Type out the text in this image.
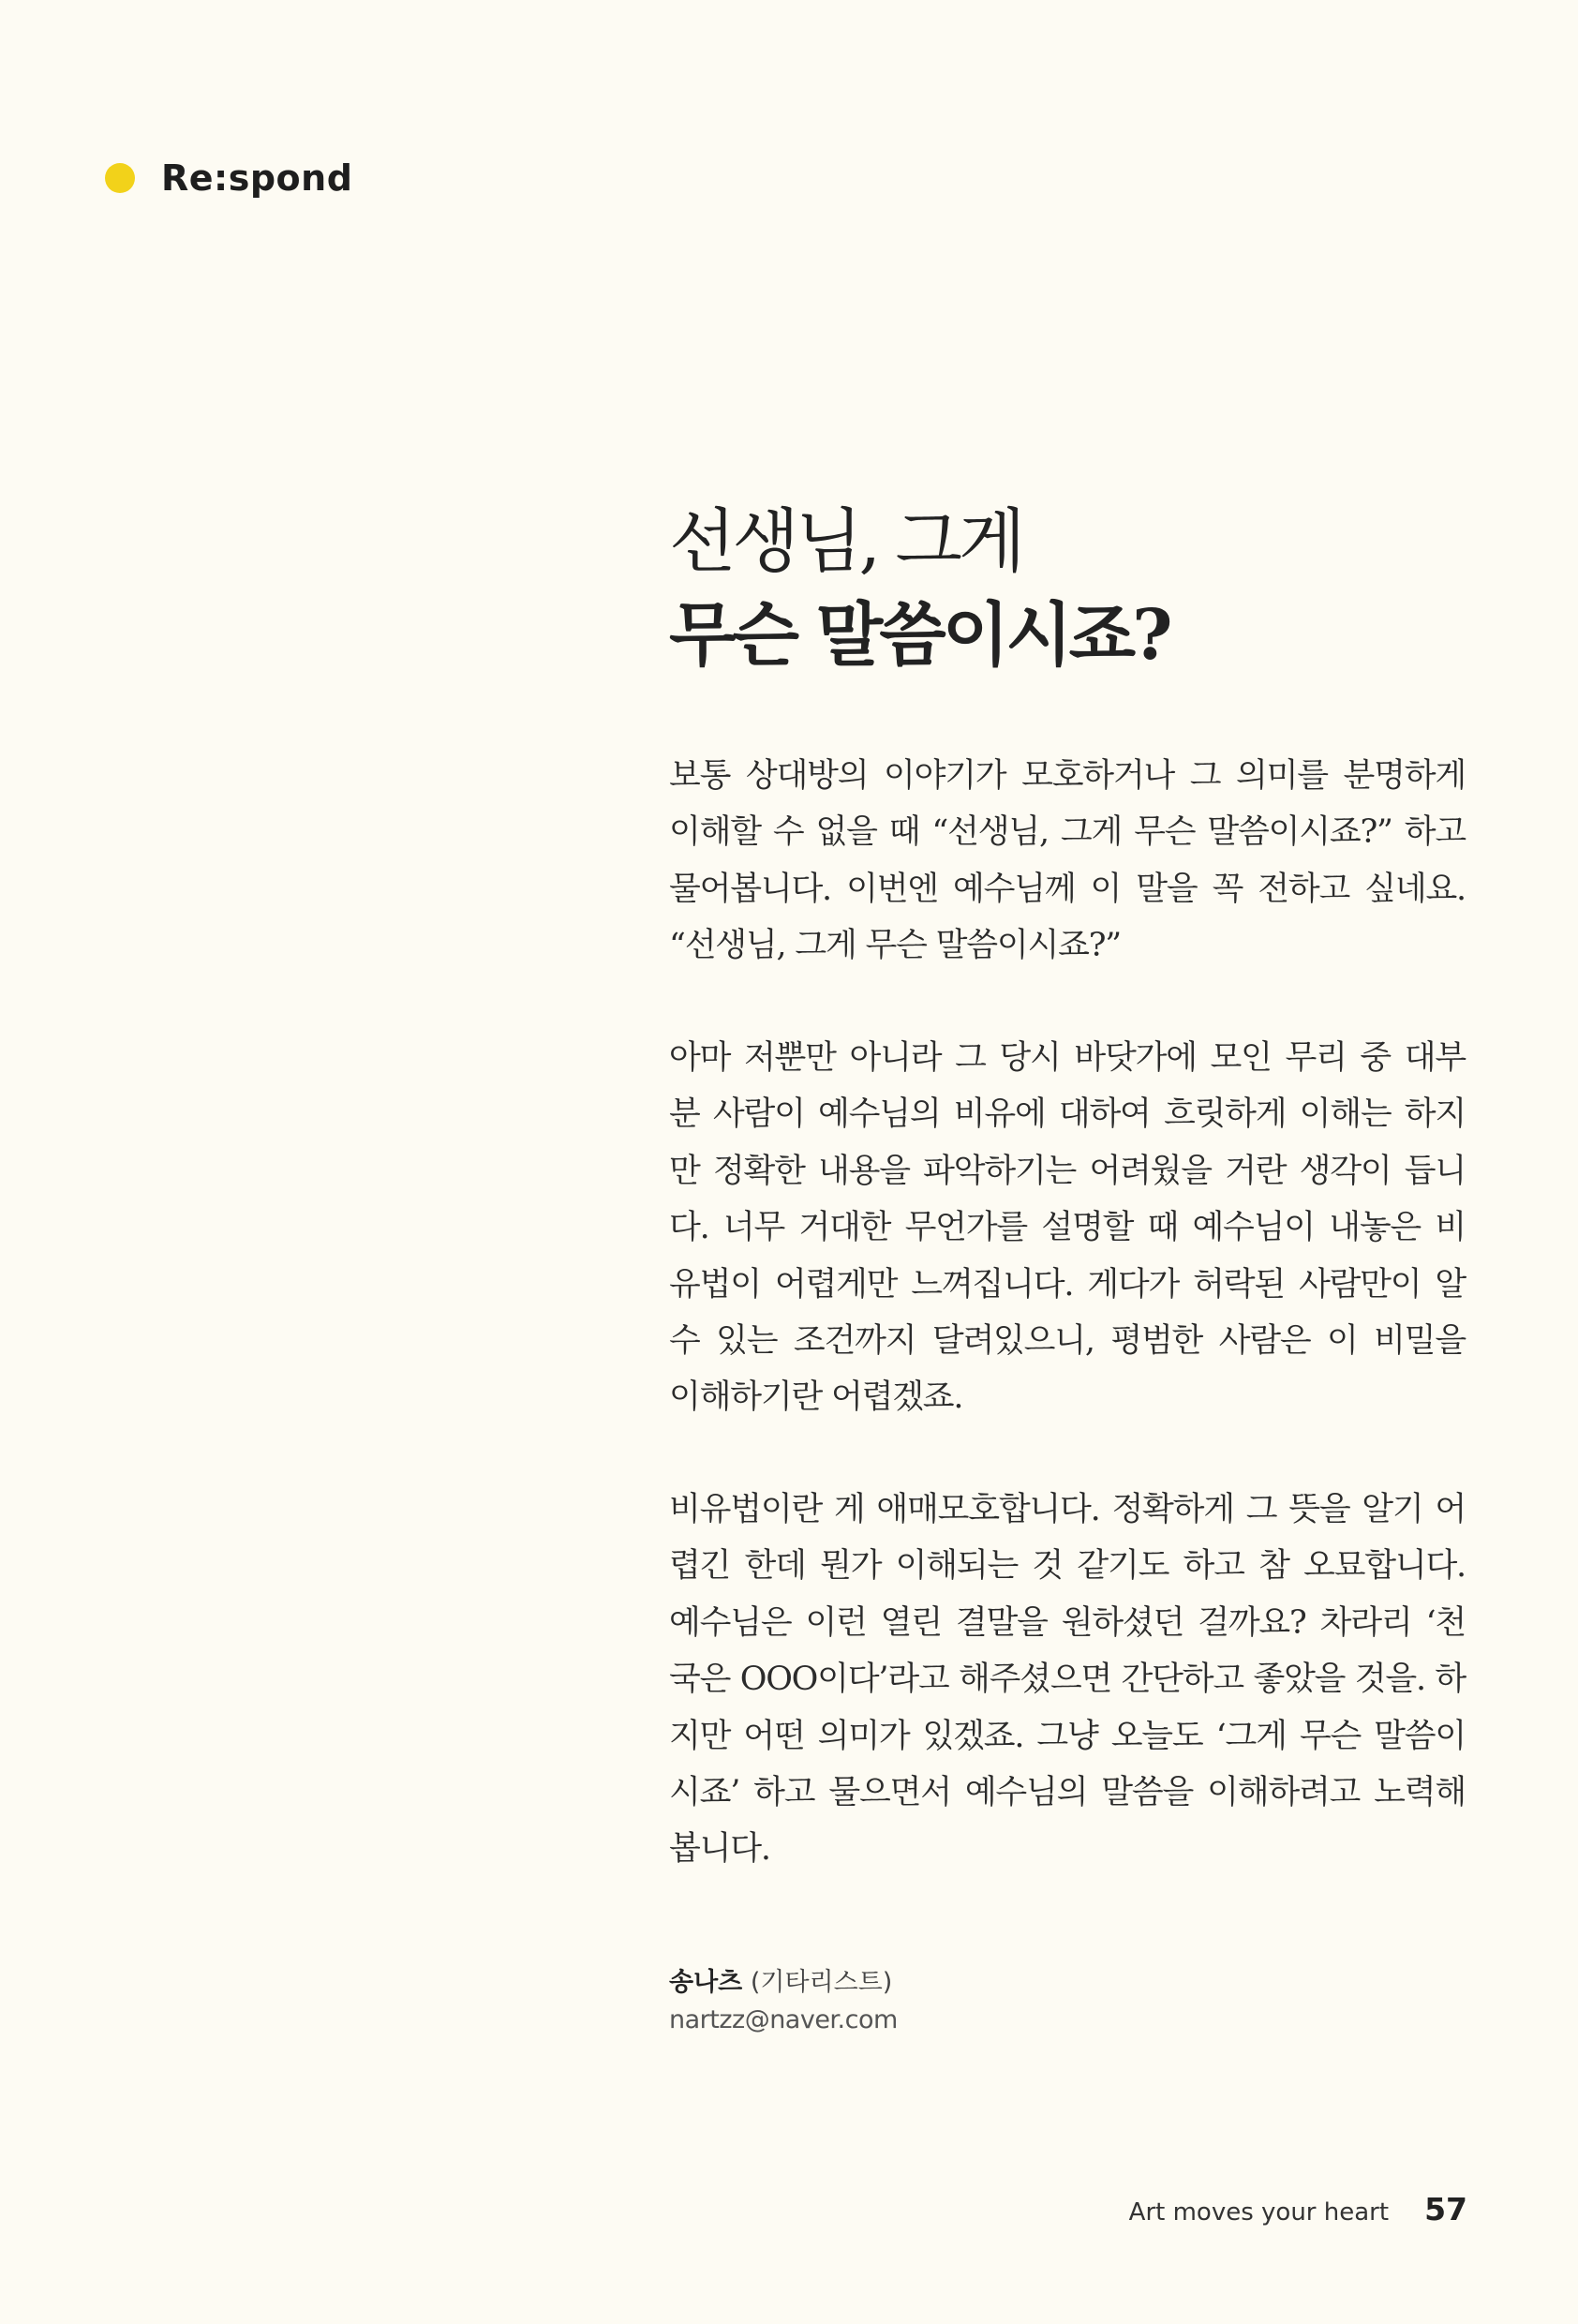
Re:spond
선생님, 그게
무슨 말씀이시죠?
보통 상대방의 이야기가 모호하거나 그 의미를 분명하게
이해할 수 없을 때 “선생님, 그게 무슨 말씀이시죠?” 하고
물어봅니다. 이번엔 예수님께 이 말을 꼭 전하고 싶네요.
“선생님, 그게 무슨 말씀이시죠?”
아마 저뿐만 아니라 그 당시 바닷가에 모인 무리 중 대부
분 사람이 예수님의 비유에 대하여 흐릿하게 이해는 하지
만 정확한 내용을 파악하기는 어려웠을 거란 생각이 듭니
다. 너무 거대한 무언가를 설명할 때 예수님이 내놓은 비
유법이 어렵게만 느껴집니다. 게다가 허락된 사람만이 알
수 있는 조건까지 달려있으니, 평범한 사람은 이 비밀을
이해하기란 어렵겠죠.
비유법이란 게 애매모호합니다. 정확하게 그 뜻을 알기 어
렵긴 한데 뭔가 이해되는 것 같기도 하고 참 오묘합니다.
예수님은 이런 열린 결말을 원하셨던 걸까요? 차라리 ‘천
국은 OOO이다’라고 해주셨으면 간단하고 좋았을 것을. 하
지만 어떤 의미가 있겠죠. 그냥 오늘도 ‘그게 무슨 말씀이
시죠’ 하고 물으면서 예수님의 말씀을 이해하려고 노력해
봅니다.
송나츠 (기타리스트)
nartzz@naver.com
Art moves your heart 57
